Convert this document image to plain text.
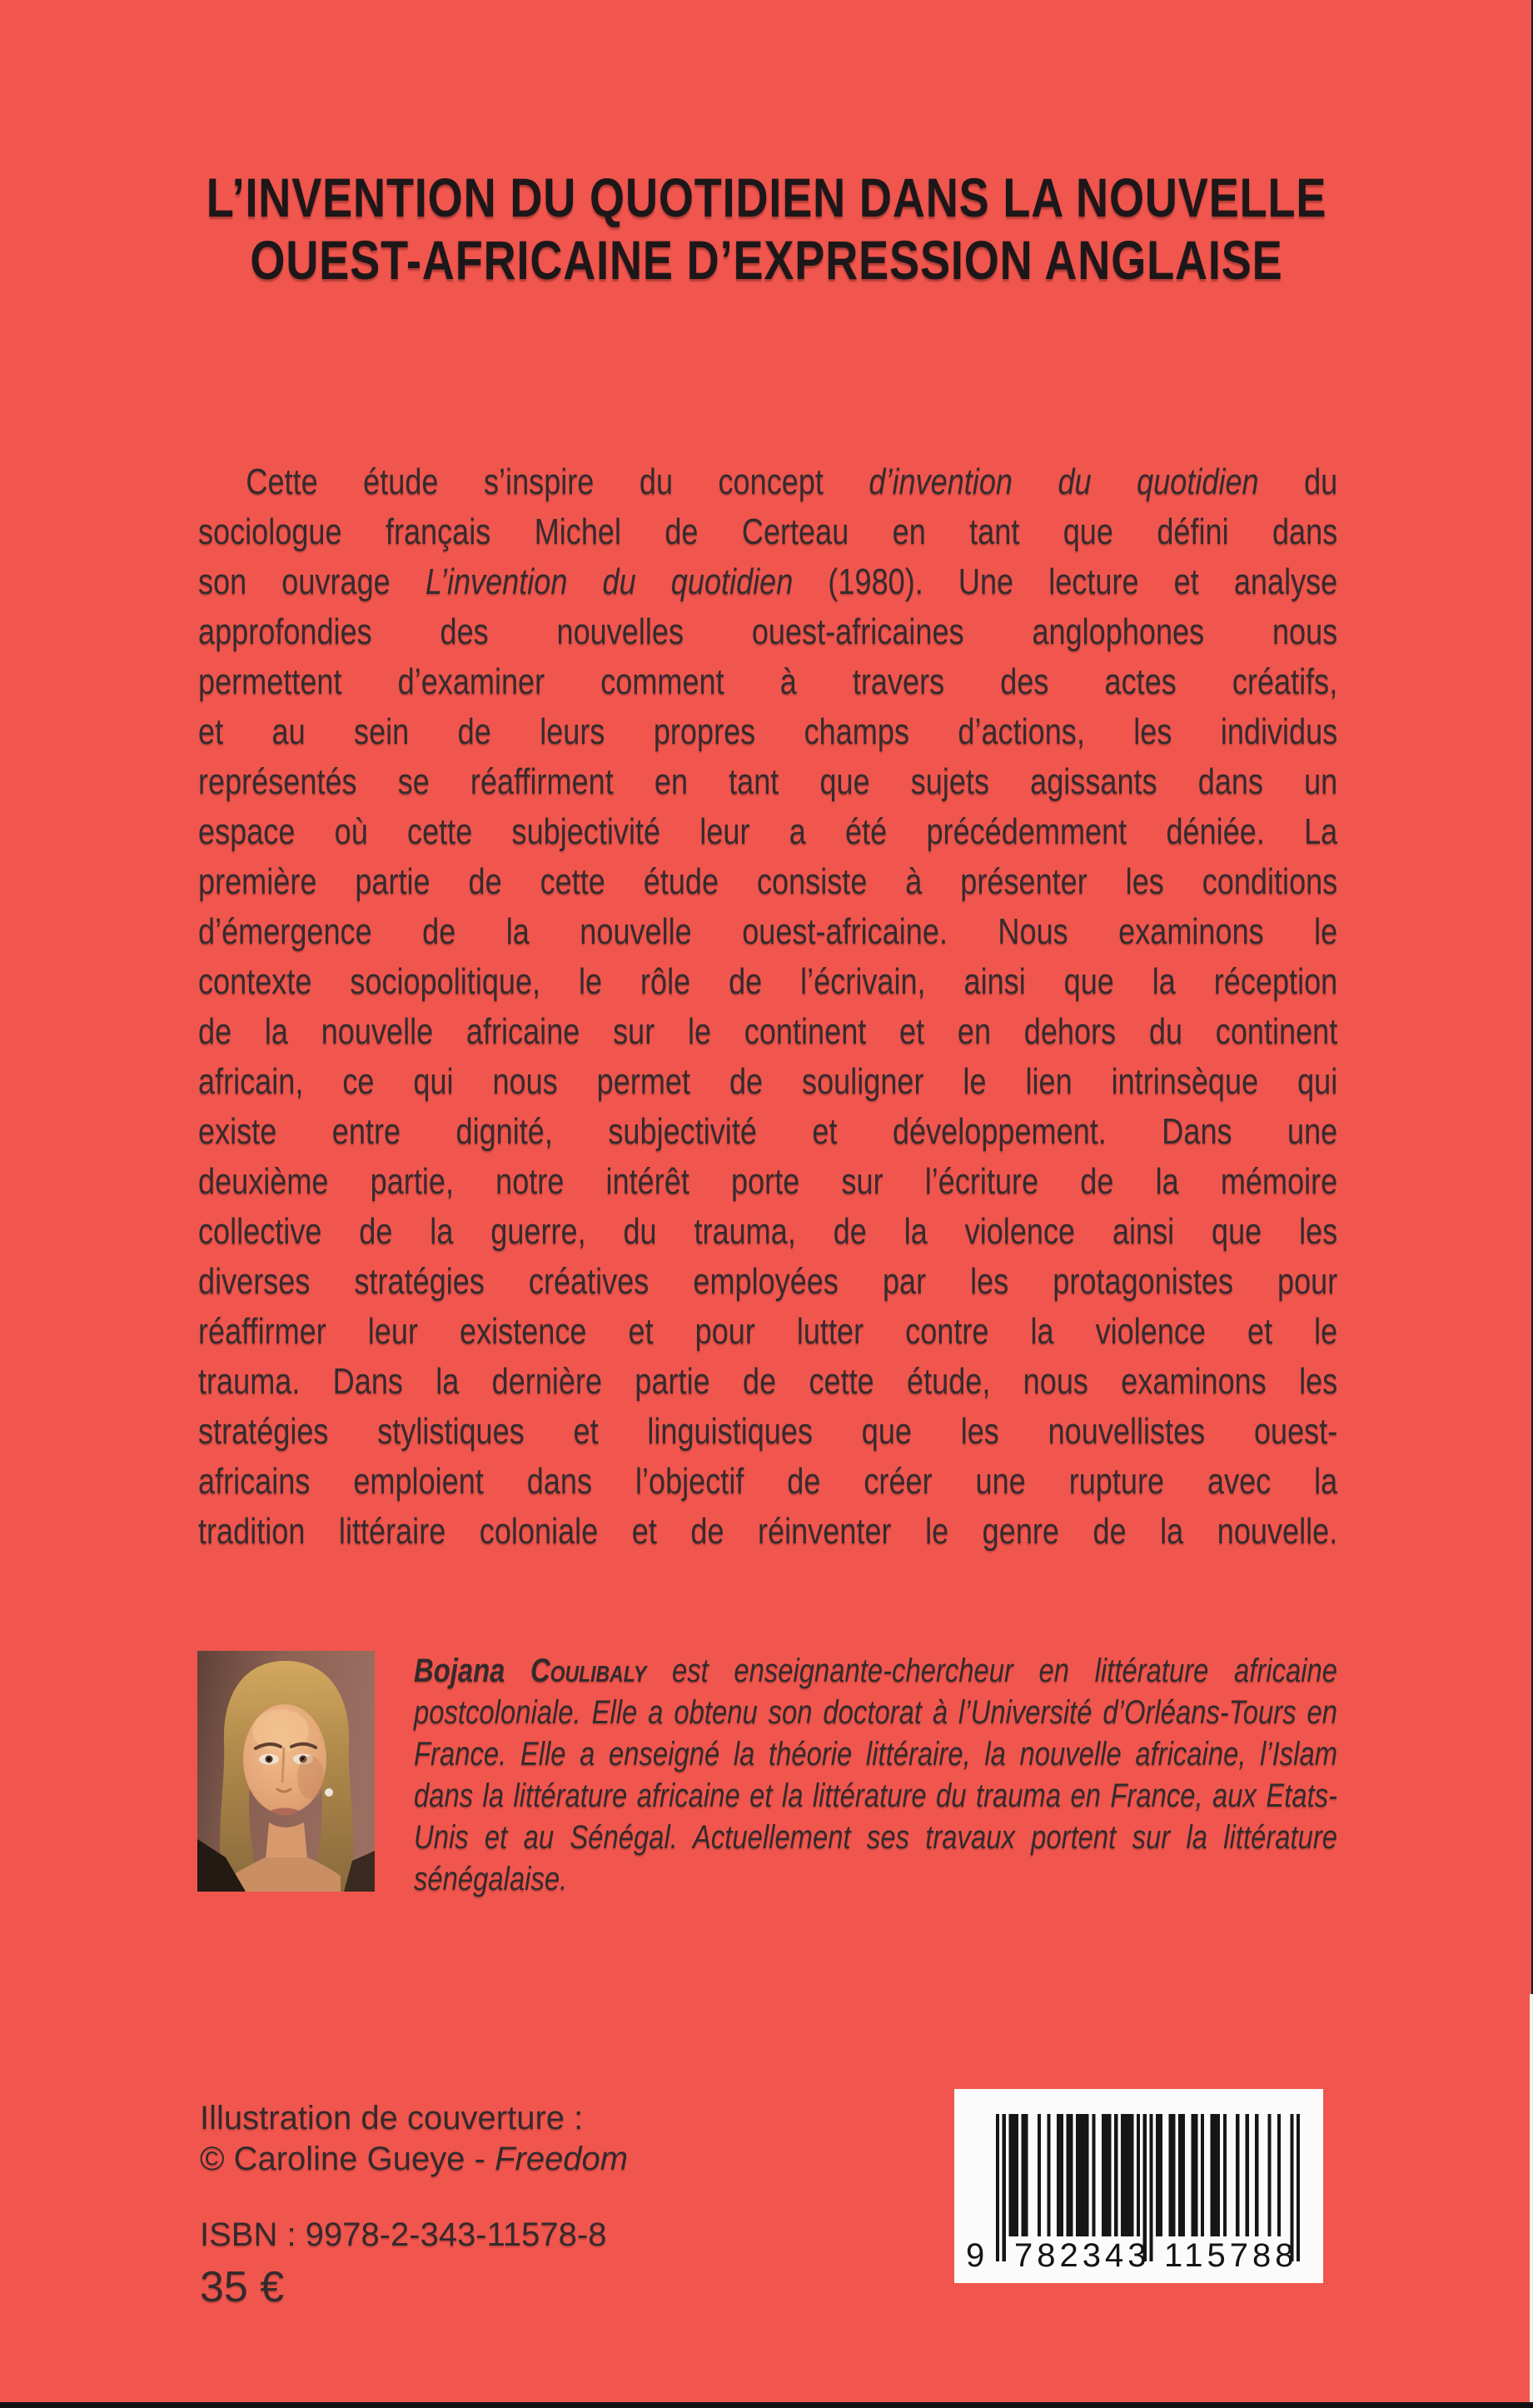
L’INVENTION DU QUOTIDIEN DANS LA NOUVELLE
OUEST-AFRICAINE D’EXPRESSION ANGLAISE
Cette étude s’inspire du concept d’invention du quotidien du
sociologue français Michel de Certeau en tant que défini dans
son ouvrage L’invention du quotidien (1980). Une lecture et analyse
approfondies des nouvelles ouest-africaines anglophones nous
permettent d’examiner comment à travers des actes créatifs,
et au sein de leurs propres champs d’actions, les individus
représentés se réaffirment en tant que sujets agissants dans un
espace où cette subjectivité leur a été précédemment déniée. La
première partie de cette étude consiste à présenter les conditions
d’émergence de la nouvelle ouest-africaine. Nous examinons le
contexte sociopolitique, le rôle de l’écrivain, ainsi que la réception
de la nouvelle africaine sur le continent et en dehors du continent
africain, ce qui nous permet de souligner le lien intrinsèque qui
existe entre dignité, subjectivité et développement. Dans une
deuxième partie, notre intérêt porte sur l’écriture de la mémoire
collective de la guerre, du trauma, de la violence ainsi que les
diverses stratégies créatives employées par les protagonistes pour
réaffirmer leur existence et pour lutter contre la violence et le
trauma. Dans la dernière partie de cette étude, nous examinons les
stratégies stylistiques et linguistiques que les nouvellistes ouest-
africains emploient dans l’objectif de créer une rupture avec la
tradition littéraire coloniale et de réinventer le genre de la nouvelle.

Bojana Coulibaly est enseignante-chercheur en littérature africaine postcoloniale. Elle a obtenu son doctorat à l’Université d’Orléans-Tours en France. Elle a enseigné la théorie littéraire, la nouvelle africaine, l’Islam dans la littérature africaine et la littérature du trauma en France, aux Etats-Unis et au Sénégal. Actuellement ses travaux portent sur la littérature sénégalaise.

Illustration de couverture :
© Caroline Gueye - Freedom
ISBN : 9978-2-343-11578-8
35 €
9 782343 115788
